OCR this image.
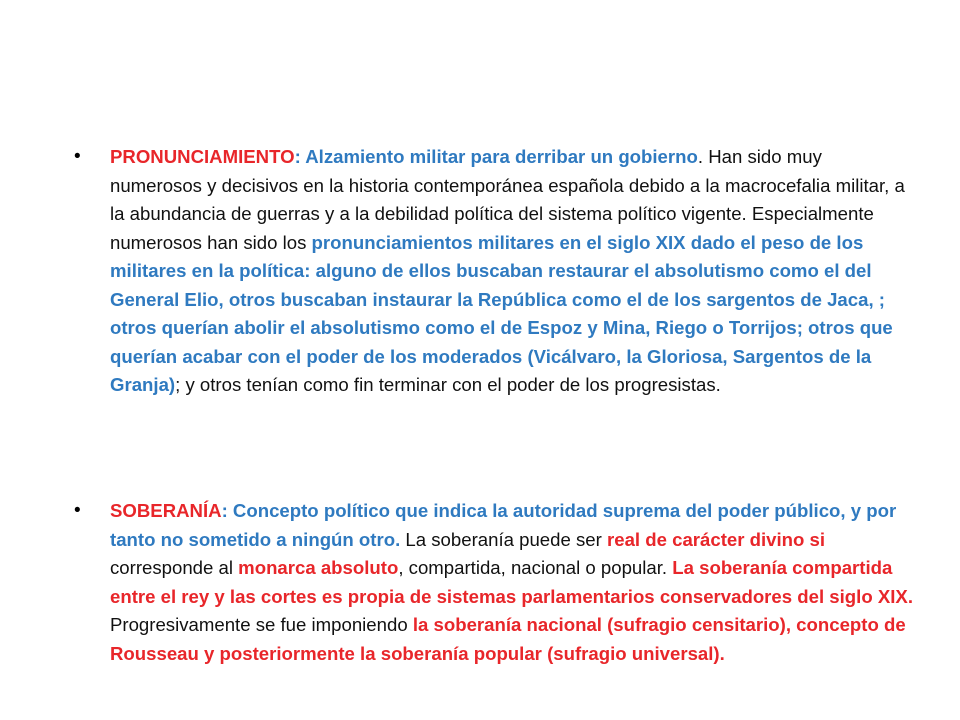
•	PRONUNCIAMIENTO: Alzamiento militar para derribar un gobierno. Han sido muy numerosos y decisivos en la historia contemporánea española debido a la macrocefalia militar, a la abundancia de guerras y a la debilidad política del sistema político vigente. Especialmente numerosos han sido los pronunciamientos militares en el siglo XIX dado el peso de los militares en la política: alguno de ellos buscaban restaurar el absolutismo como el del General Elio, otros buscaban instaurar la República como el de los sargentos de Jaca, ; otros querían abolir el absolutismo como el de Espoz y Mina, Riego o Torrijos; otros que querían acabar con el poder de los moderados (Vicálvaro, la Gloriosa, Sargentos de la Granja); y otros tenían como fin terminar con el poder de los progresistas.
•	SOBERANÍA: Concepto político que indica la autoridad suprema del poder público, y por tanto no sometido a ningún otro. La soberanía puede ser real de carácter divino si corresponde al monarca absoluto, compartida, nacional o popular. La soberanía compartida entre el rey y las cortes es propia de sistemas parlamentarios conservadores del siglo XIX. Progresivamente se fue imponiendo la soberanía nacional (sufragio censitario), concepto de Rousseau y posteriormente la soberanía popular (sufragio universal).
